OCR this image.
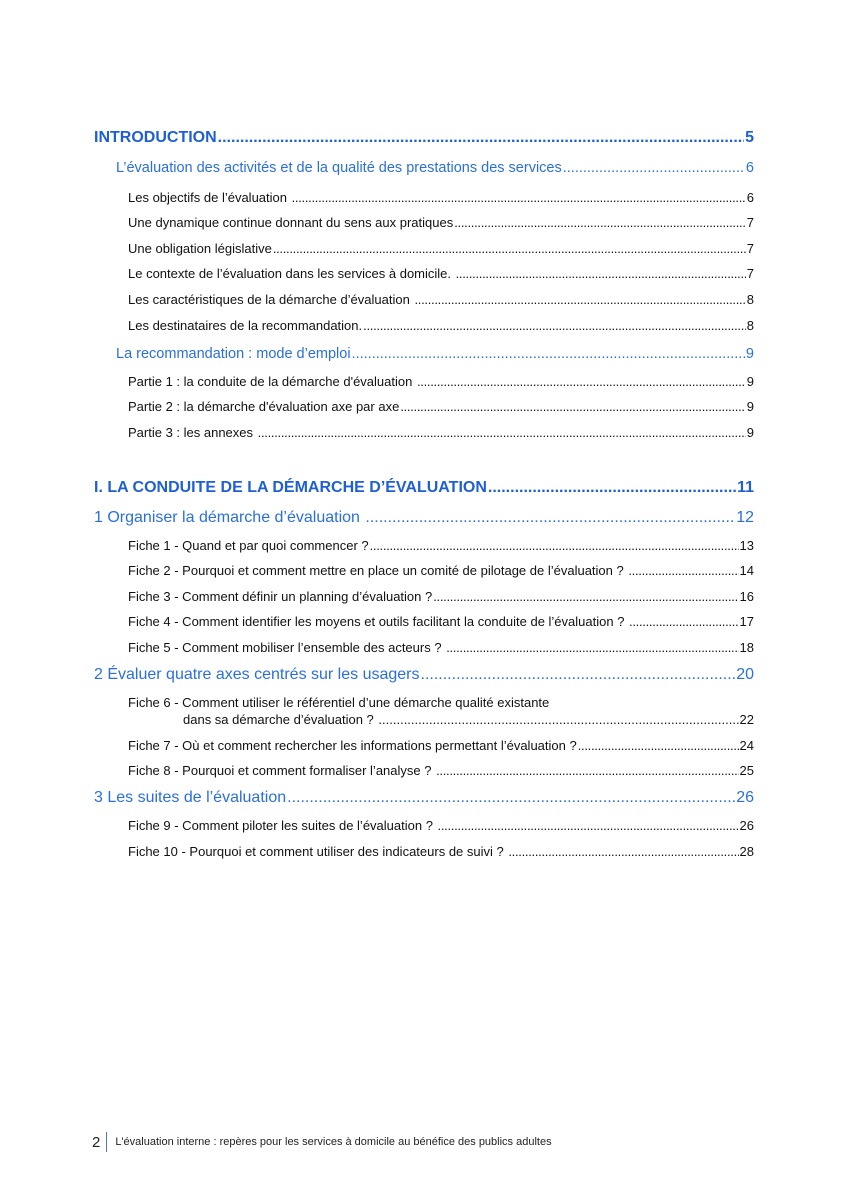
INTRODUCTION .....	5
L’évaluation des activités et de la qualité des prestations des services .....	6
Les objectifs de l’évaluation .....	6
Une dynamique continue donnant du sens aux pratiques .....	7
Une obligation législative .....	7
Le contexte de l’évaluation dans les services à domicile. .....	7
Les caractéristiques de la démarche d’évaluation .....	8
Les destinataires de la recommandation. .....	8
La recommandation : mode d’emploi .....	9
Partie 1 : la conduite de la démarche d'évaluation .....	9
Partie 2 : la démarche d'évaluation axe par axe .....	9
Partie 3 : les annexes .....	9
I. LA CONDUITE DE LA DÉMARCHE D’ÉVALUATION .....	11
1 Organiser la démarche d’évaluation .....	12
Fiche 1 - Quand et par quoi commencer ? .....	13
Fiche 2 - Pourquoi et comment mettre en place un comité de pilotage de l’évaluation ? .....	14
Fiche 3 - Comment définir un planning d’évaluation ? .....	16
Fiche 4 - Comment identifier les moyens et outils facilitant la conduite de l’évaluation ? .....	17
Fiche 5 - Comment mobiliser l’ensemble des acteurs ? .....	18
2 Évaluer quatre axes centrés sur les usagers .....	20
Fiche 6 - Comment utiliser le référentiel d’une démarche qualité existante
dans sa démarche d’évaluation ? .....	22
Fiche 7 - Où et comment rechercher les informations permettant l’évaluation ? .....	24
Fiche 8 - Pourquoi et comment formaliser l’analyse ? .....	25
3 Les suites de l’évaluation .....	26
Fiche 9 - Comment piloter les suites de l’évaluation ? .....	26
Fiche 10 - Pourquoi et comment utiliser des indicateurs de suivi ? .....	28
2 L'évaluation interne : repères pour les services à domicile au bénéfice des publics adultes
